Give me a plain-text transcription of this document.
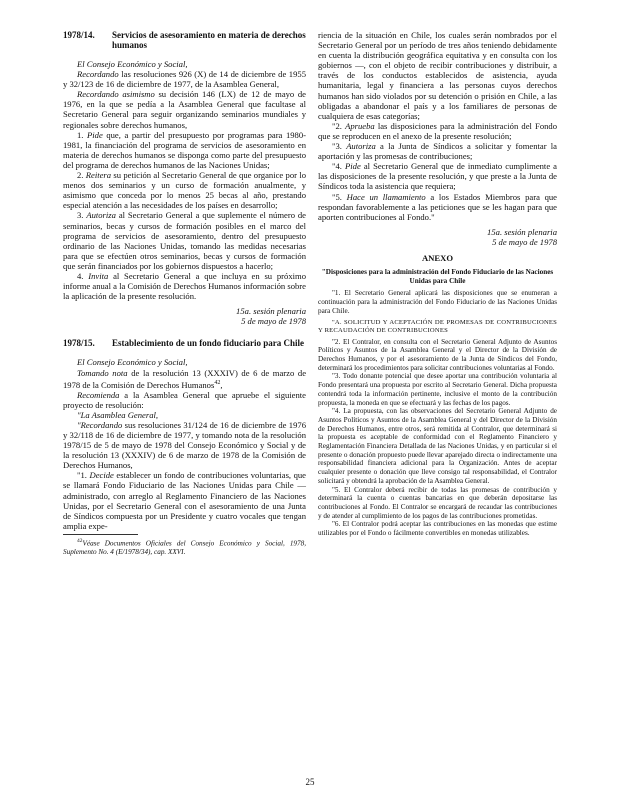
1978/14.	Servicios de asesoramiento en materia de derechos humanos

El Consejo Económico y Social,

Recordando las resoluciones 926 (X) de 14 de diciembre de 1955 y 32/123 de 16 de diciembre de 1977, de la Asamblea General,

Recordando asimismo su decisión 146 (LX) de 12 de mayo de 1976, en la que se pedía a la Asamblea General que facultase al Secretario General para seguir organizando seminarios mundiales y regionales sobre derechos humanos,

1. Pide que, a partir del presupuesto por programas para 1980-1981, la financiación del programa de servicios de asesoramiento en materia de derechos humanos se disponga como parte del presupuesto del programa de derechos humanos de las Naciones Unidas;

2. Reitera su petición al Secretario General de que organice por lo menos dos seminarios y un curso de formación anualmente, y asimismo que conceda por lo menos 25 becas al año, prestando especial atención a las necesidades de los países en desarrollo;

3. Autoriza al Secretario General a que suplemente el número de seminarios, becas y cursos de formación posibles en el marco del programa de servicios de asesoramiento, dentro del presupuesto ordinario de las Naciones Unidas, tomando las medidas necesarias para que se efectúen otros seminarios, becas y cursos de formación que serán financiados por los gobiernos dispuestos a hacerlo;

4. Invita al Secretario General a que incluya en su próximo informe anual a la Comisión de Derechos Humanos información sobre la aplicación de la presente resolución.

15a. sesión plenaria

5 de mayo de 1978

1978/15.	Establecimiento de un fondo fiduciario para Chile

El Consejo Económico y Social,

Tomando nota de la resolución 13 (XXXIV) de 6 de marzo de 1978 de la Comisión de Derechos Humanos$^{42}$,

Recomienda a la Asamblea General que apruebe el siguiente proyecto de resolución:

"La Asamblea General,

"Recordando sus resoluciones 31/124 de 16 de diciembre de 1976 y 32/118 de 16 de diciembre de 1977, y tomando nota de la resolución 1978/15 de 5 de mayo de 1978 del Consejo Económico y Social y de la resolución 13 (XXXIV) de 6 de marzo de 1978 de la Comisión de Derechos Humanos,

"1. Decide establecer un fondo de contribuciones voluntarias, que se llamará Fondo Fiduciario de las Naciones Unidas para Chile — administrado, con arreglo al Reglamento Financiero de las Naciones Unidas, por el Secretario General con el asesoramiento de una Junta de Síndicos compuesta por un Presidente y cuatro vocales que tengan amplia expe-

$^{42}$Véase Documentos Oficiales del Consejo Económico y Social, 1978, Suplemento No. 4 (E/1978/34), cap. XXVI.

riencia de la situación en Chile, los cuales serán nombrados por el Secretario General por un período de tres años teniendo debidamente en cuenta la distribución geográfica equitativa y en consulta con los gobiernos —, con el objeto de recibir contribuciones y distribuir, a través de los conductos establecidos de asistencia, ayuda humanitaria, legal y financiera a las personas cuyos derechos humanos han sido violados por su detención o prisión en Chile, a las obligadas a abandonar el país y a los familiares de personas de cualquiera de esas categorías;

"2. Aprueba las disposiciones para la administración del Fondo que se reproducen en el anexo de la presente resolución;

"3. Autoriza a la Junta de Síndicos a solicitar y fomentar la aportación y las promesas de contribuciones;

"4. Pide al Secretario General que de inmediato cumplimente a las disposiciones de la presente resolución, y que preste a la Junta de Síndicos toda la asistencia que requiera;

"5. Hace un llamamiento a los Estados Miembros para que respondan favorablemente a las peticiones que se les hagan para que aporten contribuciones al Fondo."

15a. sesión plenaria

5 de mayo de 1978

ANEXO

"Disposiciones para la administración del Fondo Fiduciario de las Naciones Unidas para Chile

"1. El Secretario General aplicará las disposiciones que se enumeran a continuación para la administración del Fondo Fiduciario de las Naciones Unidas para Chile.

"A. SOLICITUD Y ACEPTACIÓN DE PROMESAS DE CONTRIBUCIONES Y RECAUDACIÓN DE CONTRIBUCIONES

"2. El Contralor, en consulta con el Secretario General Adjunto de Asuntos Políticos y Asuntos de la Asamblea General y el Director de la División de Derechos Humanos, y por el asesoramiento de la Junta de Síndicos del Fondo, determinará los procedimientos para solicitar contribuciones voluntarias al Fondo.

"3. Todo donante potencial que desee aportar una contribución voluntaria al Fondo presentará una propuesta por escrito al Secretario General. Dicha propuesta contendrá toda la información pertinente, inclusive el monto de la contribución propuesta, la moneda en que se efectuará y las fechas de los pagos.

"4. La propuesta, con las observaciones del Secretario General Adjunto de Asuntos Políticos y Asuntos de la Asamblea General y del Director de la División de Derechos Humanos, entre otros, será remitida al Contralor, que determinará si la propuesta es aceptable de conformidad con el Reglamento Financiero y Reglamentación Financiera Detallada de las Naciones Unidas, y en particular si el presente o donación propuesto puede llevar aparejado directa o indirectamente una responsabilidad financiera adicional para la Organización. Antes de aceptar cualquier presente o donación que lleve consigo tal responsabilidad, el Contralor solicitará y obtendrá la aprobación de la Asamblea General.

"5. El Contralor deberá recibir de todas las promesas de contribución y determinará la cuenta o cuentas bancarias en que deberán depositarse las contribuciones al Fondo. El Contralor se encargará de recaudar las contribuciones y de atender al cumplimiento de los pagos de las contribuciones prometidas.

"6. El Contralor podrá aceptar las contribuciones en las monedas que estime utilizables por el Fondo o fácilmente convertibles en monedas utilizables.

25
